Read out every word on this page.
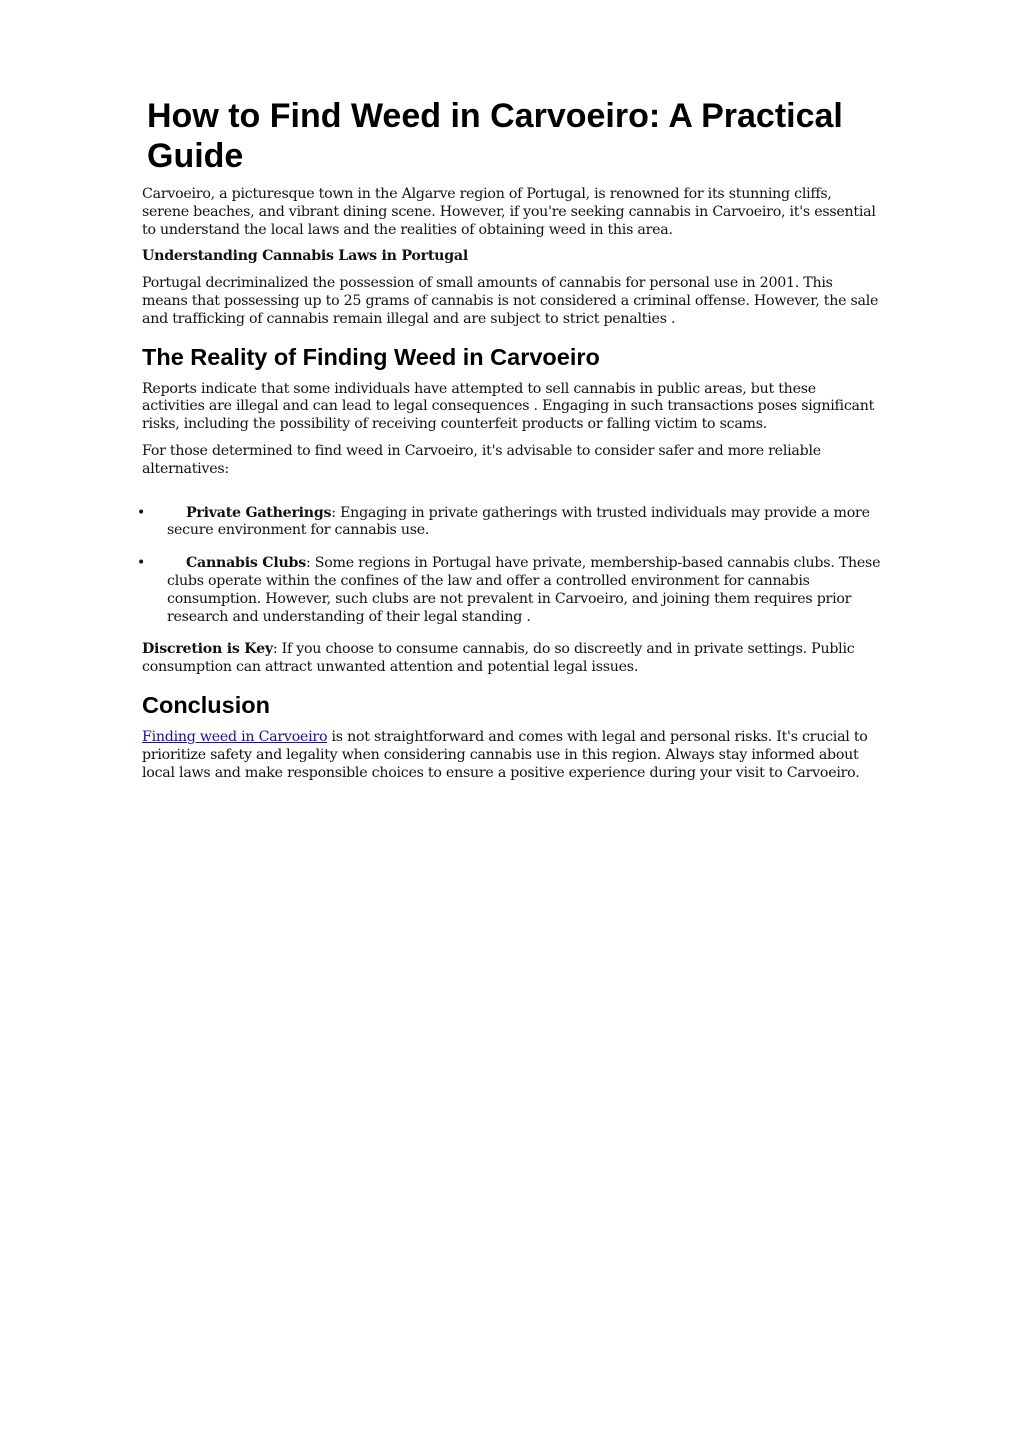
How to Find Weed in Carvoeiro: A Practical Guide

Carvoeiro, a picturesque town in the Algarve region of Portugal, is renowned for its stunning cliffs, serene beaches, and vibrant dining scene. However, if you're seeking cannabis in Carvoeiro, it's essential to understand the local laws and the realities of obtaining weed in this area.

Understanding Cannabis Laws in Portugal

Portugal decriminalized the possession of small amounts of cannabis for personal use in 2001. This means that possessing up to 25 grams of cannabis is not considered a criminal offense. However, the sale and trafficking of cannabis remain illegal and are subject to strict penalties .

The Reality of Finding Weed in Carvoeiro

Reports indicate that some individuals have attempted to sell cannabis in public areas, but these activities are illegal and can lead to legal consequences . Engaging in such transactions poses significant risks, including the possibility of receiving counterfeit products or falling victim to scams.

For those determined to find weed in Carvoeiro, it's advisable to consider safer and more reliable alternatives:

•	Private Gatherings: Engaging in private gatherings with trusted individuals may provide a more secure environment for cannabis use.
•	Cannabis Clubs: Some regions in Portugal have private, membership-based cannabis clubs. These clubs operate within the confines of the law and offer a controlled environment for cannabis consumption. However, such clubs are not prevalent in Carvoeiro, and joining them requires prior research and understanding of their legal standing .

Discretion is Key: If you choose to consume cannabis, do so discreetly and in private settings. Public consumption can attract unwanted attention and potential legal issues.

Conclusion

Finding weed in Carvoeiro is not straightforward and comes with legal and personal risks. It's crucial to prioritize safety and legality when considering cannabis use in this region. Always stay informed about local laws and make responsible choices to ensure a positive experience during your visit to Carvoeiro.
